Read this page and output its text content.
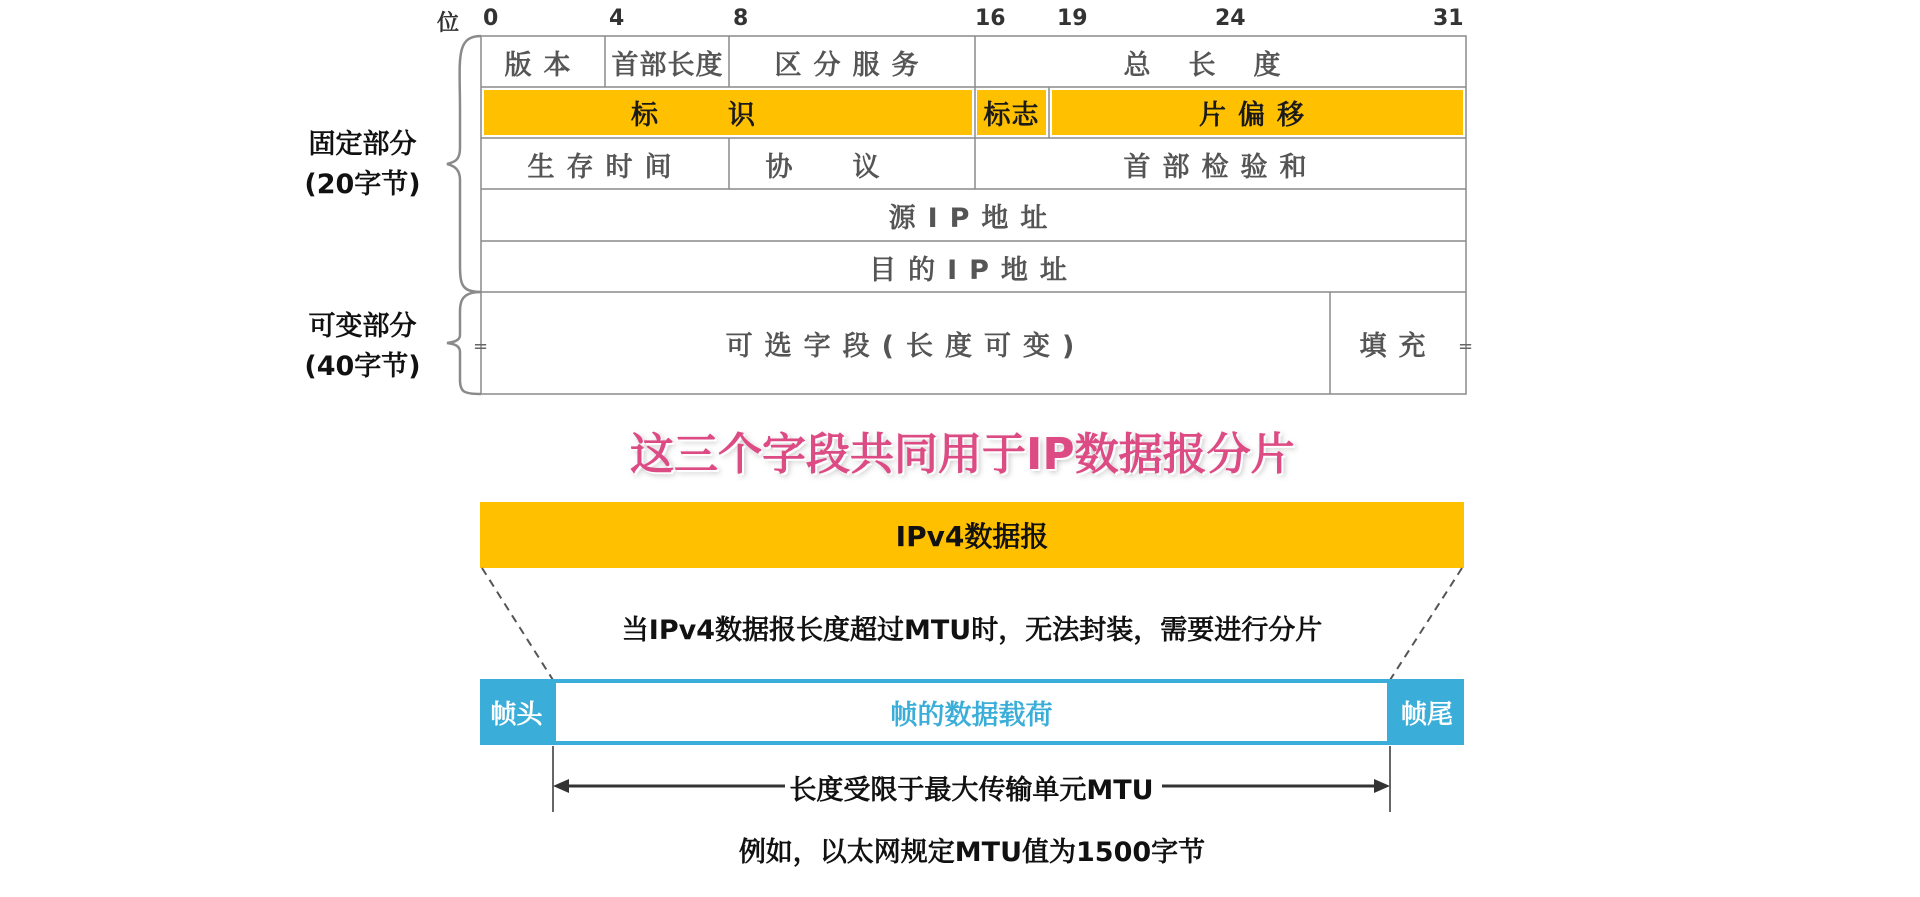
位 0	4	8	16 19	24	31
版本	首部长度	区分服务	总长度
标识	标志	片偏移
生存时间	协议	首部检验和
源IP地址
目的IP地址
可选字段(长度可变)	填充
=	=
固定部分
(20字节)
可变部分
(40字节)
这三个字段共同用于IP数据报分片
IPv4数据报
当IPv4数据报长度超过MTU时，无法封装，需要进行分片
帧头	帧的数据载荷	帧尾
长度受限于最大传输单元MTU
例如，以太网规定MTU值为1500字节
